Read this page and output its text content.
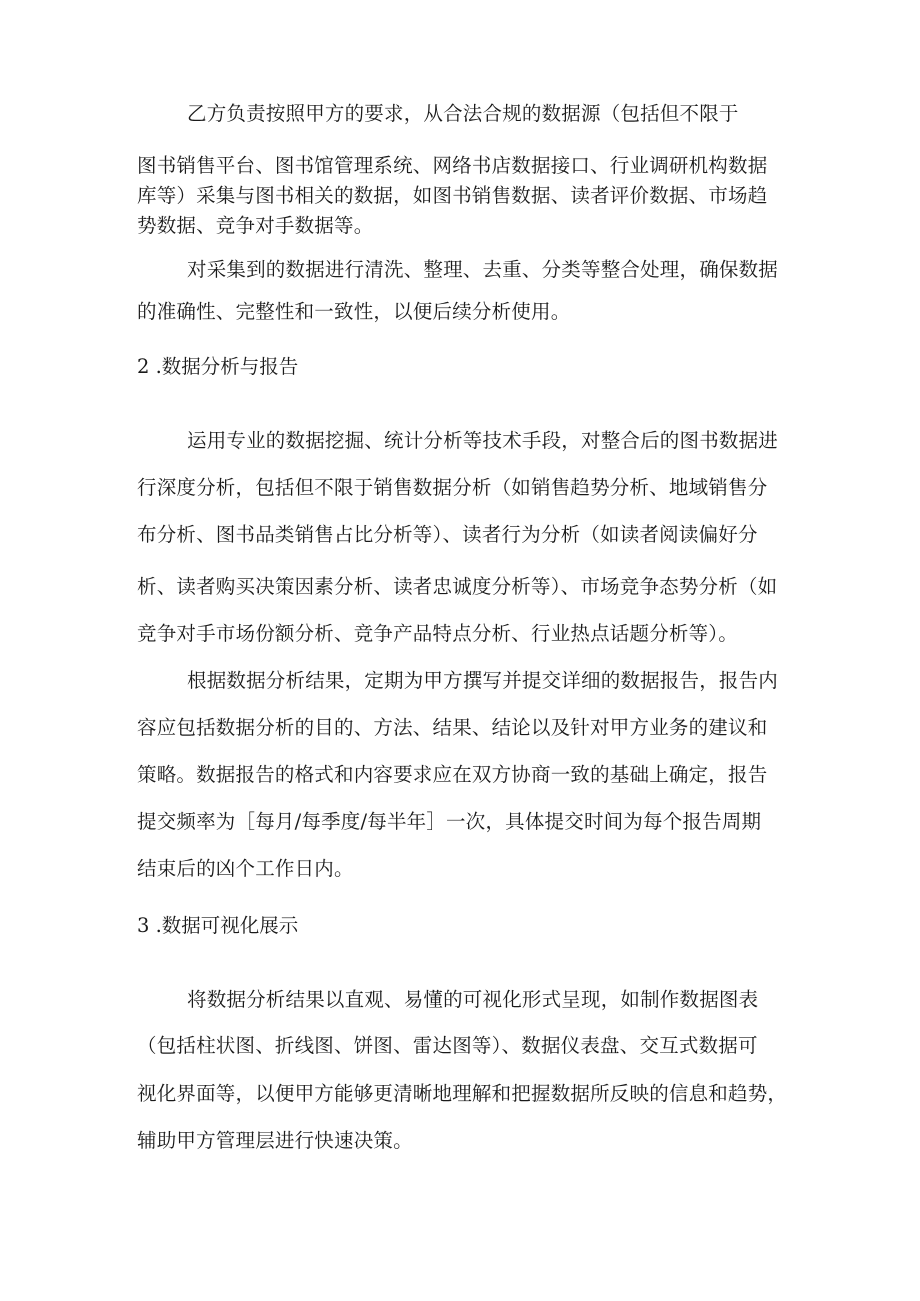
乙方负责按照甲方的要求，从合法合规的数据源（包括但不限于
图书销售平台、图书馆管理系统、网络书店数据接口、行业调研机构数据
库等）采集与图书相关的数据，如图书销售数据、读者评价数据、市场趋
势数据、竞争对手数据等。
对采集到的数据进行清洗、整理、去重、分类等整合处理，确保数据
的准确性、完整性和一致性，以便后续分析使用。
2 .数据分析与报告
运用专业的数据挖掘、统计分析等技术手段，对整合后的图书数据进
行深度分析，包括但不限于销售数据分析（如销售趋势分析、地域销售分
布分析、图书品类销售占比分析等）、读者行为分析（如读者阅读偏好分
析、读者购买决策因素分析、读者忠诚度分析等）、市场竞争态势分析（如
竞争对手市场份额分析、竞争产品特点分析、行业热点话题分析等）。
根据数据分析结果，定期为甲方撰写并提交详细的数据报告，报告内
容应包括数据分析的目的、方法、结果、结论以及针对甲方业务的建议和
策略。数据报告的格式和内容要求应在双方协商一致的基础上确定，报告
提交频率为［每月/每季度/每半年］一次，具体提交时间为每个报告周期
结束后的凶个工作日内。
3 .数据可视化展示
将数据分析结果以直观、易懂的可视化形式呈现，如制作数据图表
（包括柱状图、折线图、饼图、雷达图等）、数据仪表盘、交互式数据可
视化界面等，以便甲方能够更清晰地理解和把握数据所反映的信息和趋势，
辅助甲方管理层进行快速决策。
